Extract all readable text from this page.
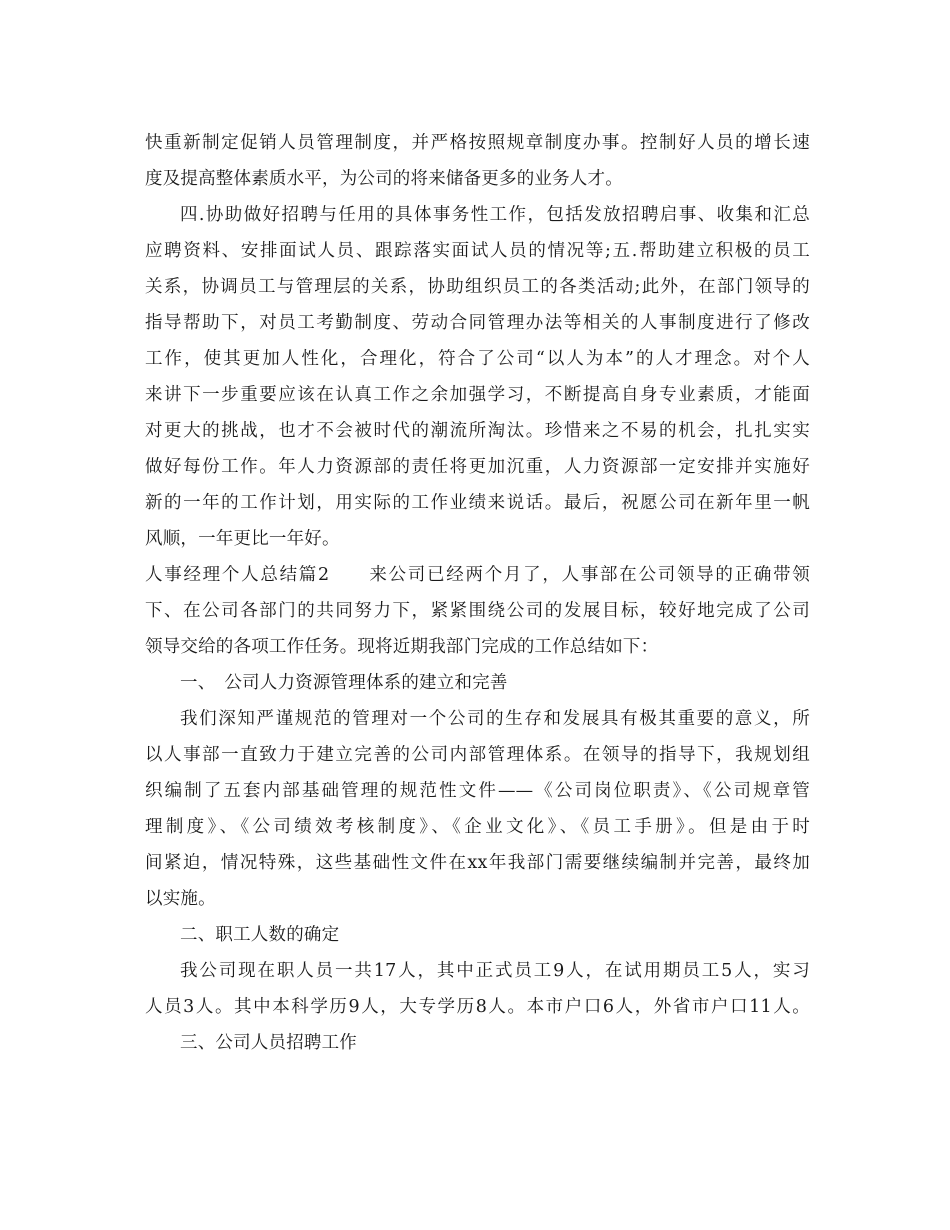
快重新制定促销人员管理制度，并严格按照规章制度办事。控制好人员的增长速
度及提高整体素质水平，为公司的将来储备更多的业务人才。
四.协助做好招聘与任用的具体事务性工作，包括发放招聘启事、收集和汇总
应聘资料、安排面试人员、跟踪落实面试人员的情况等;五.帮助建立积极的员工
关系，协调员工与管理层的关系，协助组织员工的各类活动;此外，在部门领导的
指导帮助下，对员工考勤制度、劳动合同管理办法等相关的人事制度进行了修改
工作，使其更加人性化，合理化，符合了公司“以人为本”的人才理念。对个人
来讲下一步重要应该在认真工作之余加强学习，不断提高自身专业素质，才能面
对更大的挑战，也才不会被时代的潮流所淘汰。珍惜来之不易的机会，扎扎实实
做好每份工作。年人力资源部的责任将更加沉重，人力资源部一定安排并实施好
新的一年的工作计划，用实际的工作业绩来说话。最后，祝愿公司在新年里一帆
风顺，一年更比一年好。
人事经理个人总结篇2　　来公司已经两个月了，人事部在公司领导的正确带领
下、在公司各部门的共同努力下，紧紧围绕公司的发展目标，较好地完成了公司
领导交给的各项工作任务。现将近期我部门完成的工作总结如下：
一、　公司人力资源管理体系的建立和完善
我们深知严谨规范的管理对一个公司的生存和发展具有极其重要的意义，所
以人事部一直致力于建立完善的公司内部管理体系。在领导的指导下，我规划组
织编制了五套内部基础管理的规范性文件——《公司岗位职责》、《公司规章管
理制度》、《公司绩效考核制度》、《企业文化》、《员工手册》。但是由于时
间紧迫，情况特殊，这些基础性文件在xx年我部门需要继续编制并完善，最终加
以实施。
二、职工人数的确定
我公司现在职人员一共17人，其中正式员工9人，在试用期员工5人，实习
人员3人。其中本科学历9人，大专学历8人。本市户口6人，外省市户口11人。
三、公司人员招聘工作
